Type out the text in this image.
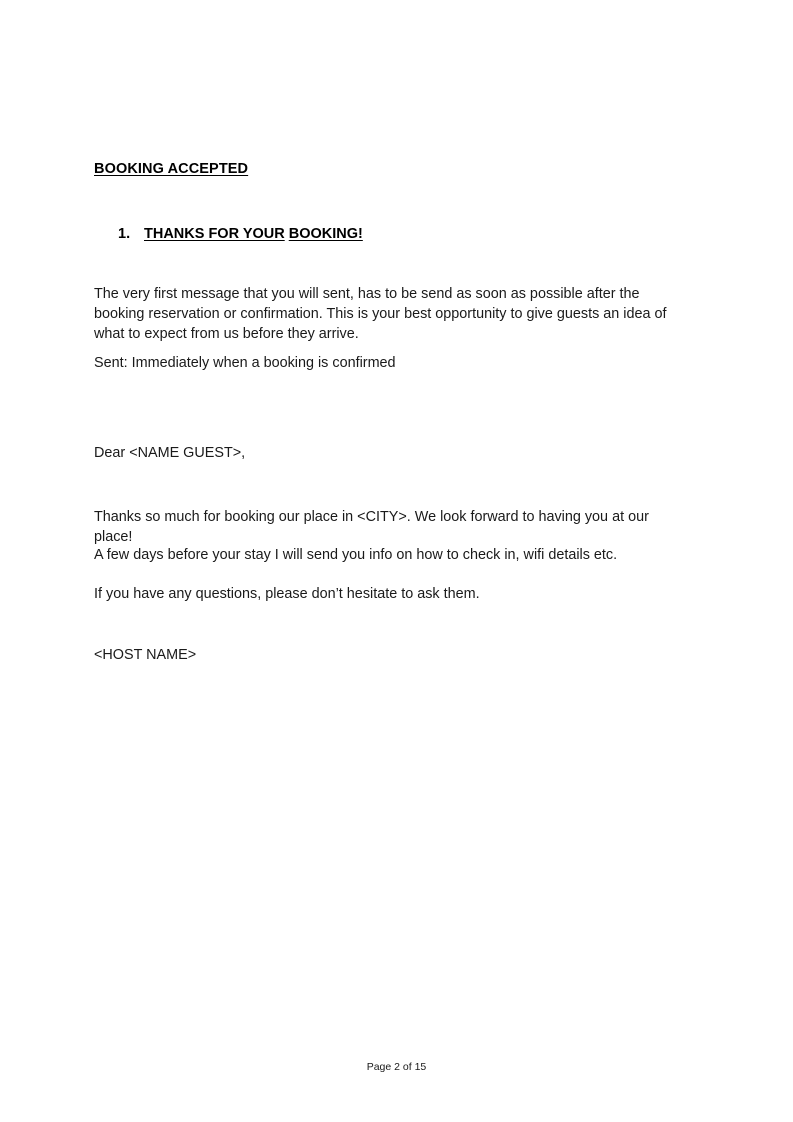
BOOKING ACCEPTED
1. THANKS FOR YOUR BOOKING!
The very first message that you will sent, has to be send as soon as possible after the booking reservation or confirmation. This is your best opportunity to give guests an idea of what to expect from us before they arrive.
Sent: Immediately when a booking is confirmed
Dear <NAME GUEST>,
Thanks so much for booking our place in <CITY>. We look forward to having you at our place!
A few days before your stay I will send you info on how to check in, wifi details etc.
If you have any questions, please don’t hesitate to ask them.
<HOST NAME>
Page 2 of 15
